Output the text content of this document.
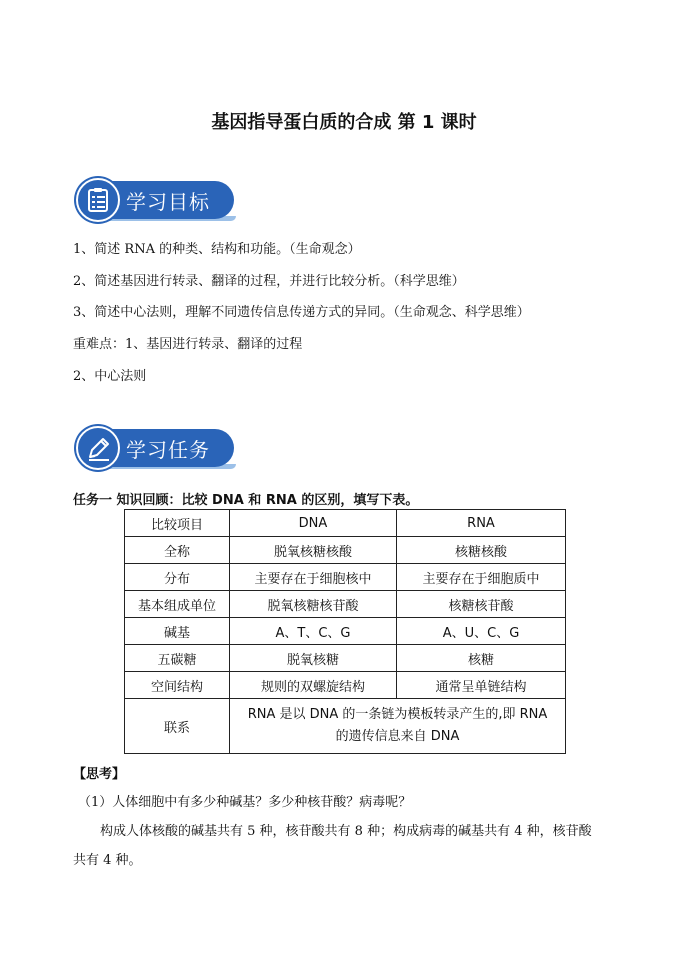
基因指导蛋白质的合成 第 1 课时
学习目标
1、简述 RNA 的种类、结构和功能。（生命观念）
2、简述基因进行转录、翻译的过程，并进行比较分析。（科学思维）
3、简述中心法则，理解不同遗传信息传递方式的异同。（生命观念、科学思维）
重难点：1、基因进行转录、翻译的过程
2、中心法则
学习任务
任务一 知识回顾：比较 DNA 和 RNA 的区别，填写下表。
比较项目	DNA	RNA
全称	脱氧核糖核酸	核糖核酸
分布	主要存在于细胞核中	主要存在于细胞质中
基本组成单位	脱氧核糖核苷酸	核糖核苷酸
碱基	A、T、C、G	A、U、C、G
五碳糖	脱氧核糖	核糖
空间结构	规则的双螺旋结构	通常呈单链结构
联系	RNA 是以 DNA 的一条链为模板转录产生的,即 RNA
的遗传信息来自 DNA	
【思考】
（1）人体细胞中有多少种碱基？多少种核苷酸？病毒呢？
构成人体核酸的碱基共有 5 种，核苷酸共有 8 种；构成病毒的碱基共有 4 种，核苷酸
共有 4 种。
